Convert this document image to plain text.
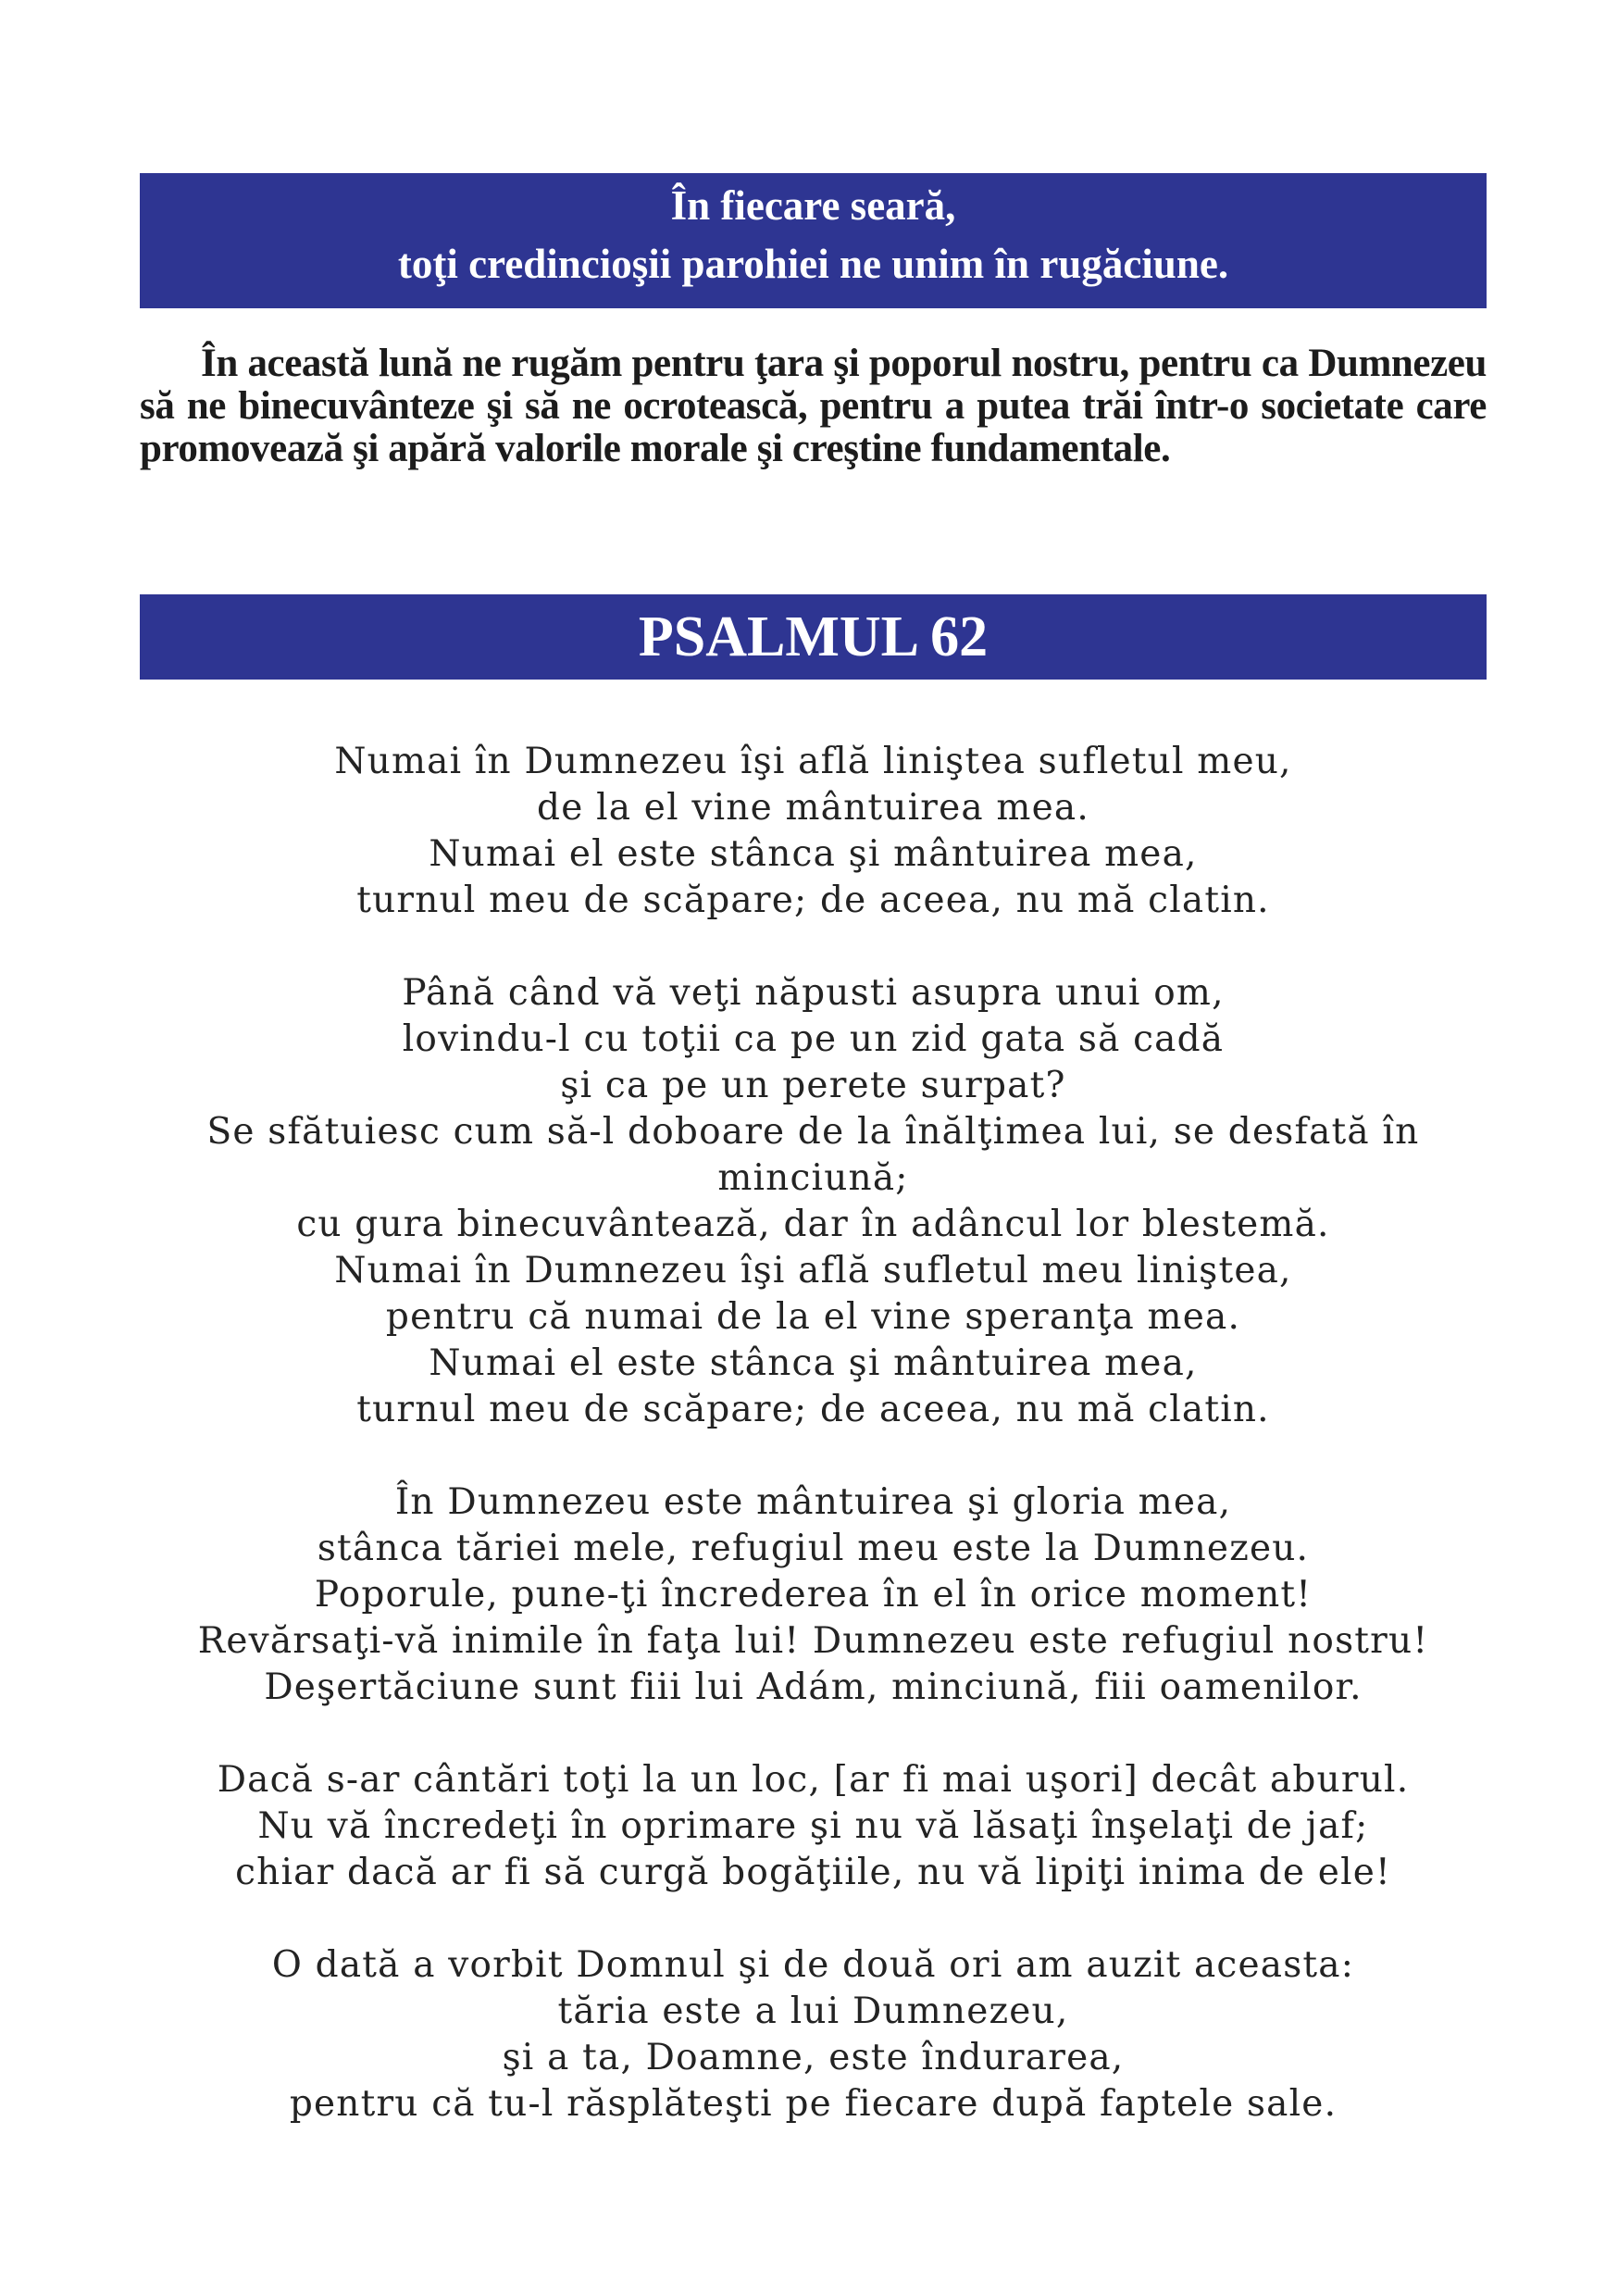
În fiecare seară,
toţi credincioşii parohiei ne unim în rugăciune.

În această lună ne rugăm pentru ţara şi poporul nostru, pentru ca Dumnezeu să ne binecuvânteze şi să ne ocrotească, pentru a putea trăi într-o societate care promovează şi apără valorile morale şi creştine fundamentale.

PSALMUL 62
Numai în Dumnezeu îşi află liniştea sufletul meu,
de la el vine mântuirea mea.
Numai el este stânca şi mântuirea mea,
turnul meu de scăpare; de aceea, nu mă clatin.
Până când vă veţi năpusti asupra unui om,
lovindu-l cu toţii ca pe un zid gata să cadă
şi ca pe un perete surpat?
Se sfătuiesc cum să-l doboare de la înălţimea lui, se desfată în
minciună;
cu gura binecuvântează, dar în adâncul lor blestemă.
Numai în Dumnezeu îşi află sufletul meu liniştea,
pentru că numai de la el vine speranţa mea.
Numai el este stânca şi mântuirea mea,
turnul meu de scăpare; de aceea, nu mă clatin.
În Dumnezeu este mântuirea şi gloria mea,
stânca tăriei mele, refugiul meu este la Dumnezeu.
Poporule, pune-ţi încrederea în el în orice moment!
Revărsaţi-vă inimile în faţa lui! Dumnezeu este refugiul nostru!
Deşertăciune sunt fiii lui Adám, minciună, fiii oamenilor.
Dacă s-ar cântări toţi la un loc, [ar fi mai uşori] decât aburul.
Nu vă încredeţi în oprimare şi nu vă lăsaţi înşelaţi de jaf;
chiar dacă ar fi să curgă bogăţiile, nu vă lipiţi inima de ele!
O dată a vorbit Domnul şi de două ori am auzit aceasta:
tăria este a lui Dumnezeu,
şi a ta, Doamne, este îndurarea,
pentru că tu-l răsplăteşti pe fiecare după faptele sale.
